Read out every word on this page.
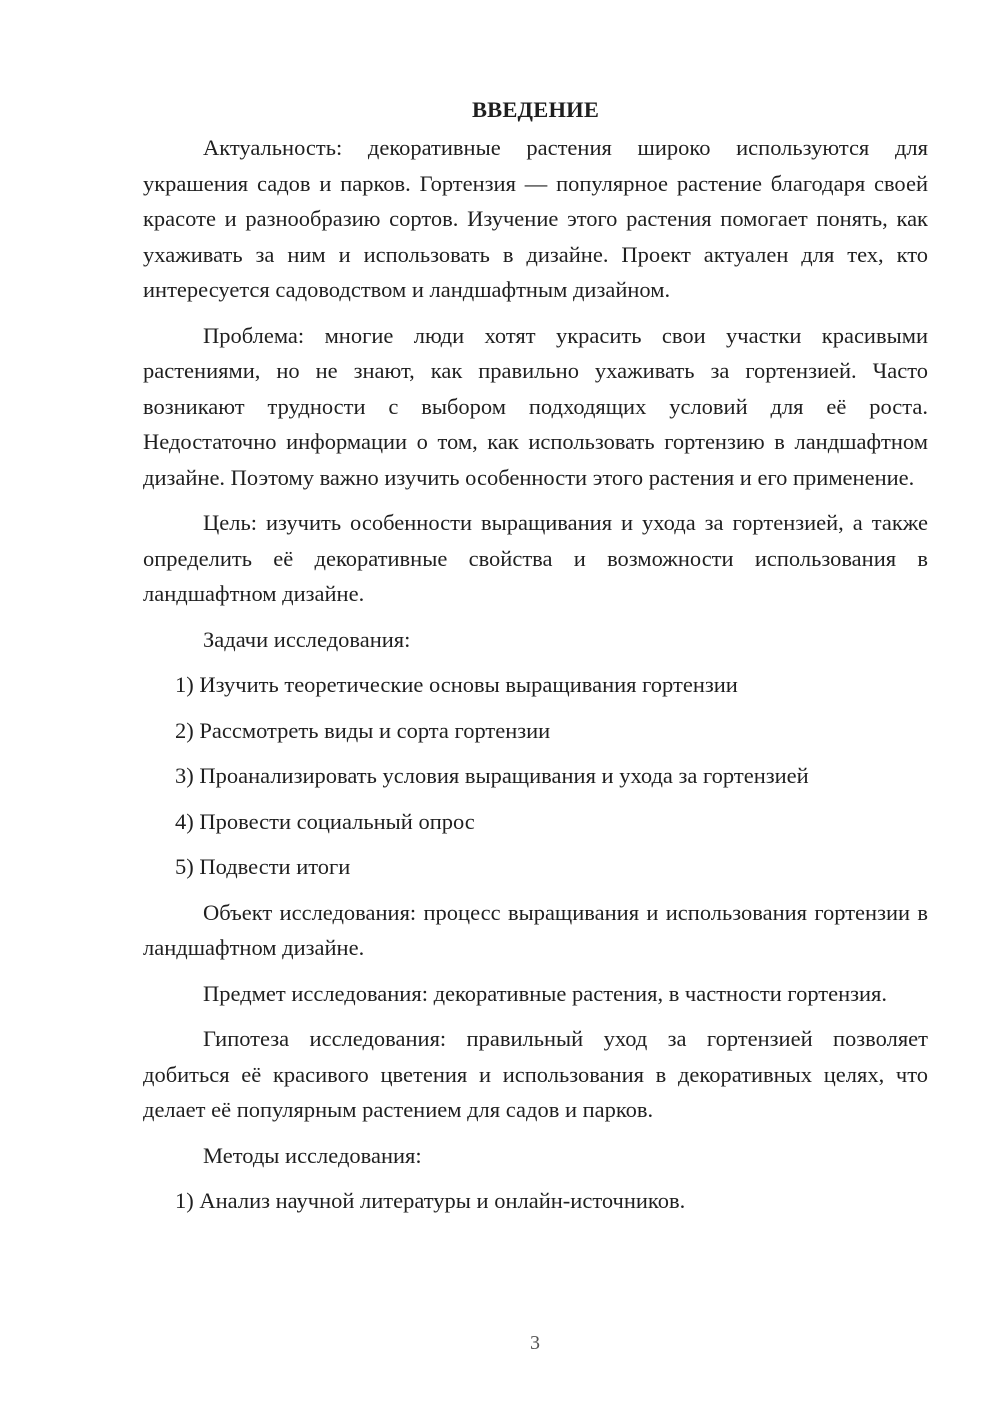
ВВЕДЕНИЕ

Актуальность: декоративные растения широко используются для украшения садов и парков. Гортензия — популярное растение благодаря своей красоте и разнообразию сортов. Изучение этого растения помогает понять, как ухаживать за ним и использовать в дизайне. Проект актуален для тех, кто интересуется садоводством и ландшафтным дизайном.

Проблема: многие люди хотят украсить свои участки красивыми растениями, но не знают, как правильно ухаживать за гортензией. Часто возникают трудности с выбором подходящих условий для её роста. Недостаточно информации о том, как использовать гортензию в ландшафтном дизайне. Поэтому важно изучить особенности этого растения и его применение.

Цель: изучить особенности выращивания и ухода за гортензией, а также определить её декоративные свойства и возможности использования в ландшафтном дизайне.

Задачи исследования:

1) Изучить теоретические основы выращивания гортензии
2) Рассмотреть виды и сорта гортензии
3) Проанализировать условия выращивания и ухода за гортензией
4) Провести социальный опрос
5) Подвести итоги

Объект исследования: процесс выращивания и использования гортензии в ландшафтном дизайне.

Предмет исследования: декоративные растения, в частности гортензия.

Гипотеза исследования: правильный уход за гортензией позволяет добиться её красивого цветения и использования в декоративных целях, что делает её популярным растением для садов и парков.

Методы исследования:

1) Анализ научной литературы и онлайн-источников.
3
